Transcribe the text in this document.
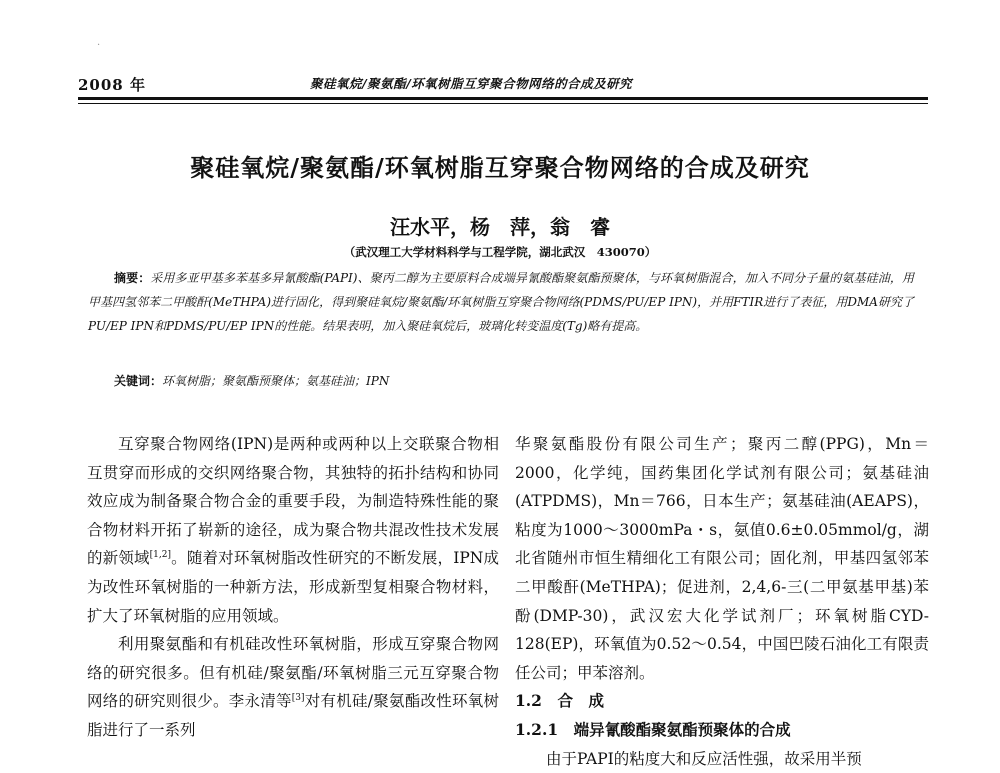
·
2008 年	聚硅氧烷/聚氨酯/环氧树脂互穿聚合物网络的合成及研究
聚硅氧烷/聚氨酯/环氧树脂互穿聚合物网络的合成及研究
汪水平，杨　萍，翁　睿
（武汉理工大学材料科学与工程学院，湖北武汉　430070）
摘要：采用多亚甲基多苯基多异氰酸酯(PAPI)、聚丙二醇为主要原料合成端异氰酸酯聚氨酯预聚体，与环氧树脂混合，加入不同分子量的氨基硅油，用甲基四氢邻苯二甲酸酐(MeTHPA)进行固化，得到聚硅氧烷/聚氨酯/环氧树脂互穿聚合物网络(PDMS/PU/EP IPN)，并用FTIR进行了表征，用DMA研究了PU/EP IPN和PDMS/PU/EP IPN的性能。结果表明，加入聚硅氧烷后，玻璃化转变温度(Tg)略有提高。
关键词：环氧树脂；聚氨酯预聚体；氨基硅油；IPN

互穿聚合物网络(IPN)是两种或两种以上交联聚合物相互贯穿而形成的交织网络聚合物，其独特的拓扑结构和协同效应成为制备聚合物合金的重要手段，为制造特殊性能的聚合物材料开拓了崭新的途径，成为聚合物共混改性技术发展的新领域[1,2]。随着对环氧树脂改性研究的不断发展，IPN成为改性环氧树脂的一种新方法，形成新型复相聚合物材料，扩大了环氧树脂的应用领域。

利用聚氨酯和有机硅改性环氧树脂，形成互穿聚合物网络的研究很多。但有机硅/聚氨酯/环氧树脂三元互穿聚合物网络的研究则很少。李永清等[3]对有机硅/聚氨酯改性环氧树脂进行了一系列

华聚氨酯股份有限公司生产；聚丙二醇(PPG)，Mn＝2000，化学纯，国药集团化学试剂有限公司；氨基硅油(ATPDMS)，Mn＝766，日本生产；氨基硅油(AEAPS)，粘度为1000～3000mPa・s，氨值0.6±0.05mmol/g，湖北省随州市恒生精细化工有限公司；固化剂，甲基四氢邻苯二甲酸酐(MeTHPA)；促进剂，2,4,6-三(二甲氨基甲基)苯酚(DMP-30)，武汉宏大化学试剂厂；环氧树脂CYD-128(EP)，环氧值为0.52～0.54，中国巴陵石油化工有限责任公司；甲苯溶剂。

1.2　合　成

1.2.1　端异氰酸酯聚氨酯预聚体的合成

由于PAPI的粘度大和反应活性强，故采用半预
